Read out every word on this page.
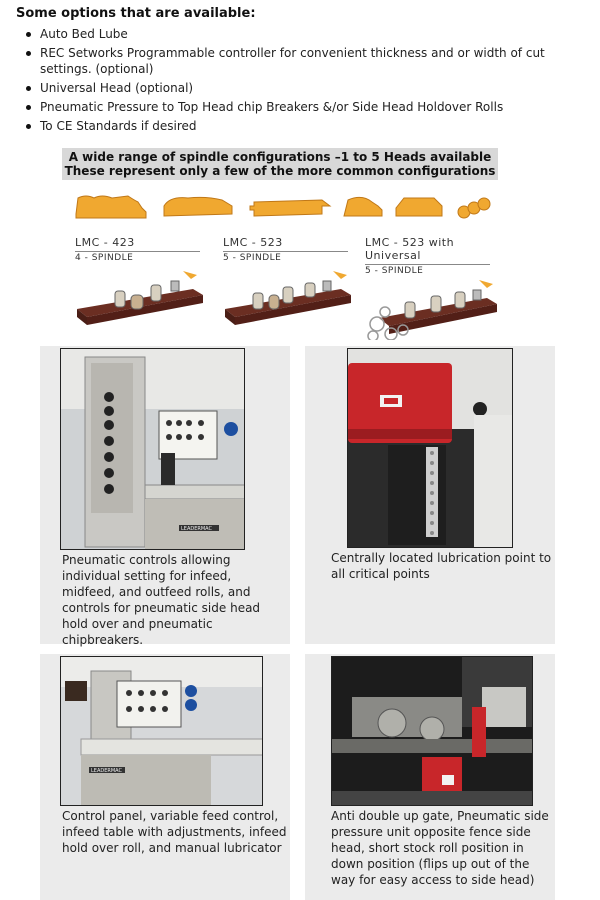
Some options that are available:
Auto Bed Lube
REC Setworks Programmable controller for convenient thickness and or width of cut settings. (optional)
Universal Head (optional)
Pneumatic Pressure to Top Head chip Breakers &/or Side Head Holdover Rolls
To CE Standards if desired
A wide range of spindle configurations –1 to 5 Heads available
These represent only a few of the more common configurations
LMC - 423
4 - SPINDLE
LMC - 523
5 - SPINDLE
LMC - 523 with Universal
5 - SPINDLE
LEADERMAC
Pneumatic controls allowing individual setting for infeed, midfeed, and outfeed rolls, and controls for pneumatic side head hold over and pneumatic chipbreakers.
Centrally located lubrication point to all critical points
LEADERMAC
Control panel, variable feed control, infeed table with adjustments, infeed hold over roll, and manual lubricator
Anti double up gate, Pneumatic side pressure unit opposite fence side head, short stock roll position in down position (flips up out of the way for easy access to side head)
